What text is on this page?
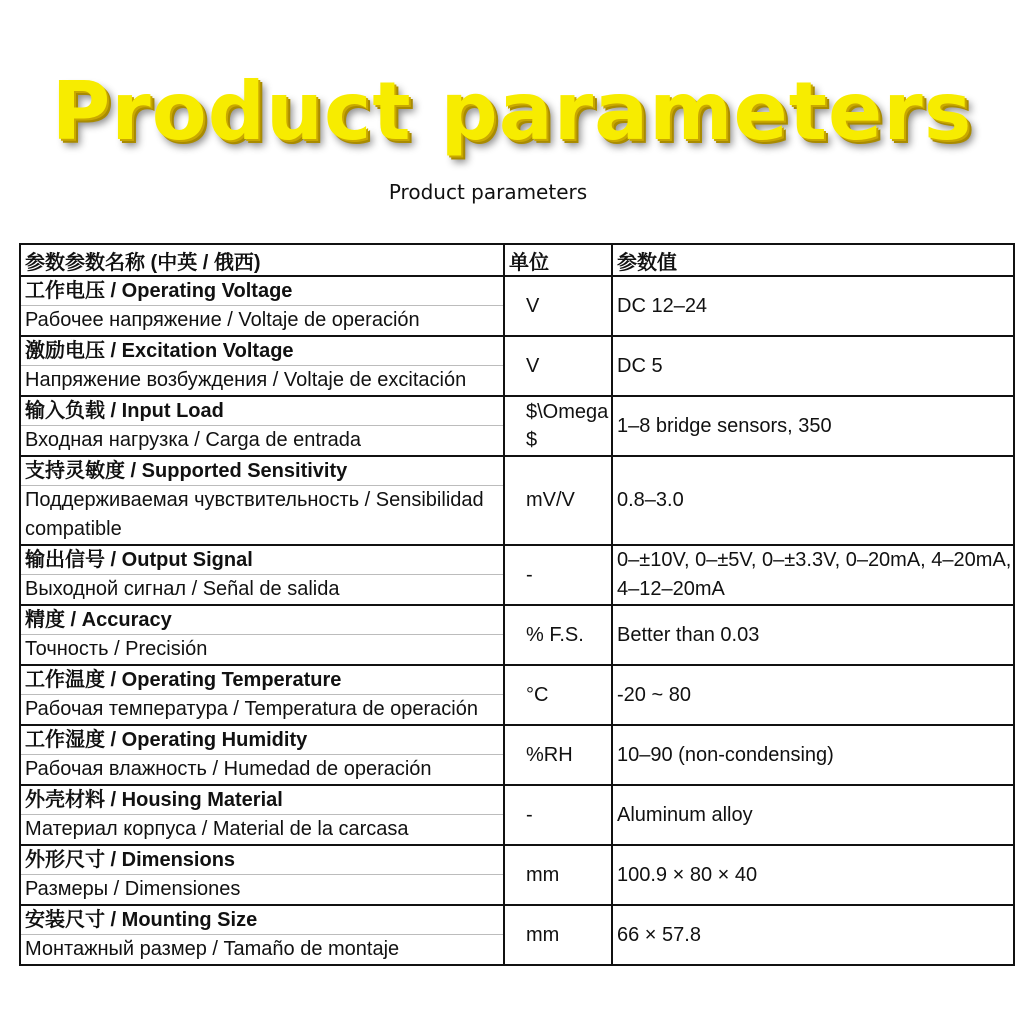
Product parameters
Product parameters
参数参数名称 (中英 / 俄西)	单位	参数值

工作电压 / Operating Voltage
Рабочее напряжение / Voltaje de operación	V	DC 12–24

激励电压 / Excitation Voltage
Напряжение возбуждения / Voltaje de excitación	V	DC 5

输入负载 / Input Load
Входная нагрузка / Carga de entrada	$\Omega$	1–8 bridge sensors, 350

支持灵敏度 / Supported Sensitivity
Поддерживаемая чувствительность / Sensibilidad compatible	mV/V	0.8–3.0

输出信号 / Output Signal
Выходной сигнал / Señal de salida	-	0–±10V, 0–±5V, 0–±3.3V, 0–20mA, 4–20mA, 4–12–20mA

精度 / Accuracy
Точность / Precisión	% F.S.	Better than 0.03

工作温度 / Operating Temperature
Рабочая температура / Temperatura de operación	°C	-20 ~ 80

工作湿度 / Operating Humidity
Рабочая влажность / Humedad de operación	%RH	10–90 (non-condensing)

外壳材料 / Housing Material
Материал корпуса / Material de la carcasa	-	Aluminum alloy

外形尺寸 / Dimensions
Размеры / Dimensiones	mm	100.9 × 80 × 40

安装尺寸 / Mounting Size
Монтажный размер / Tamaño de montaje	mm	66 × 57.8
